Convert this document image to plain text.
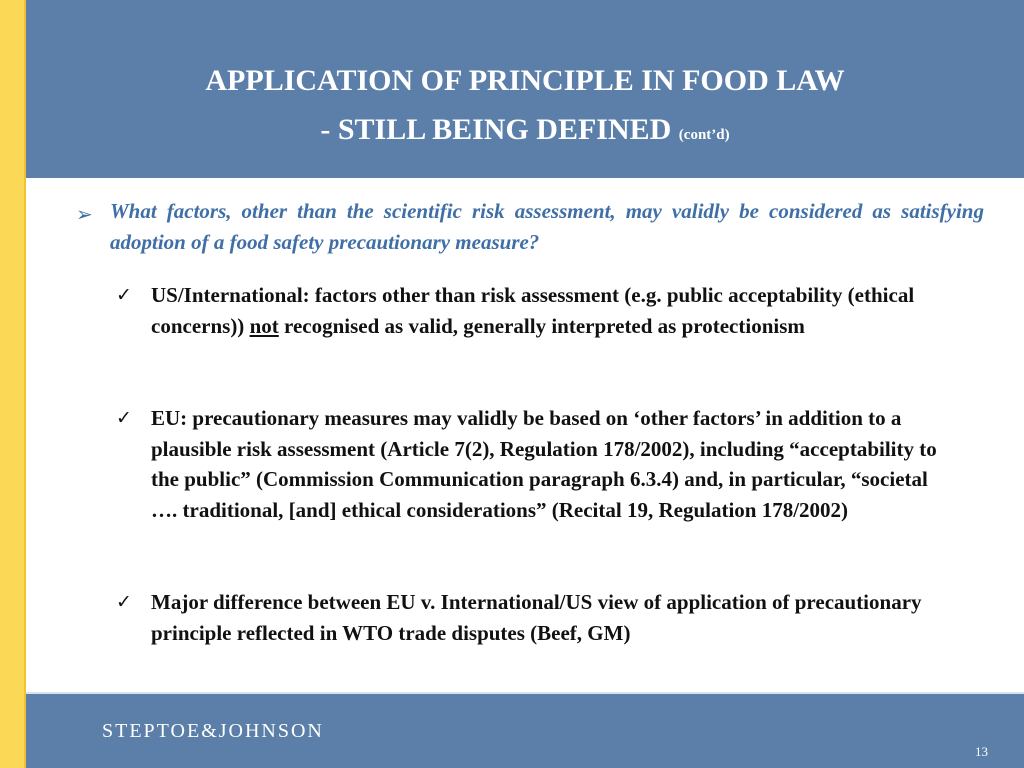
APPLICATION OF PRINCIPLE IN FOOD LAW
- STILL BEING DEFINED (cont’d)
➢ What factors, other than the scientific risk assessment, may validly be considered as satisfying adoption of a food safety precautionary measure?
✓ US/International: factors other than risk assessment (e.g. public acceptability (ethical concerns)) not recognised as valid, generally interpreted as protectionism
✓ EU: precautionary measures may validly be based on ‘other factors’ in addition to a plausible risk assessment (Article 7(2), Regulation 178/2002), including “acceptability to the public” (Commission Communication paragraph 6.3.4) and, in particular, “societal …. traditional, [and] ethical considerations” (Recital 19, Regulation 178/2002)
✓ Major difference between EU v. International/US view of application of precautionary principle reflected in WTO trade disputes (Beef, GM)
STEPTOE&JOHNSON
13
